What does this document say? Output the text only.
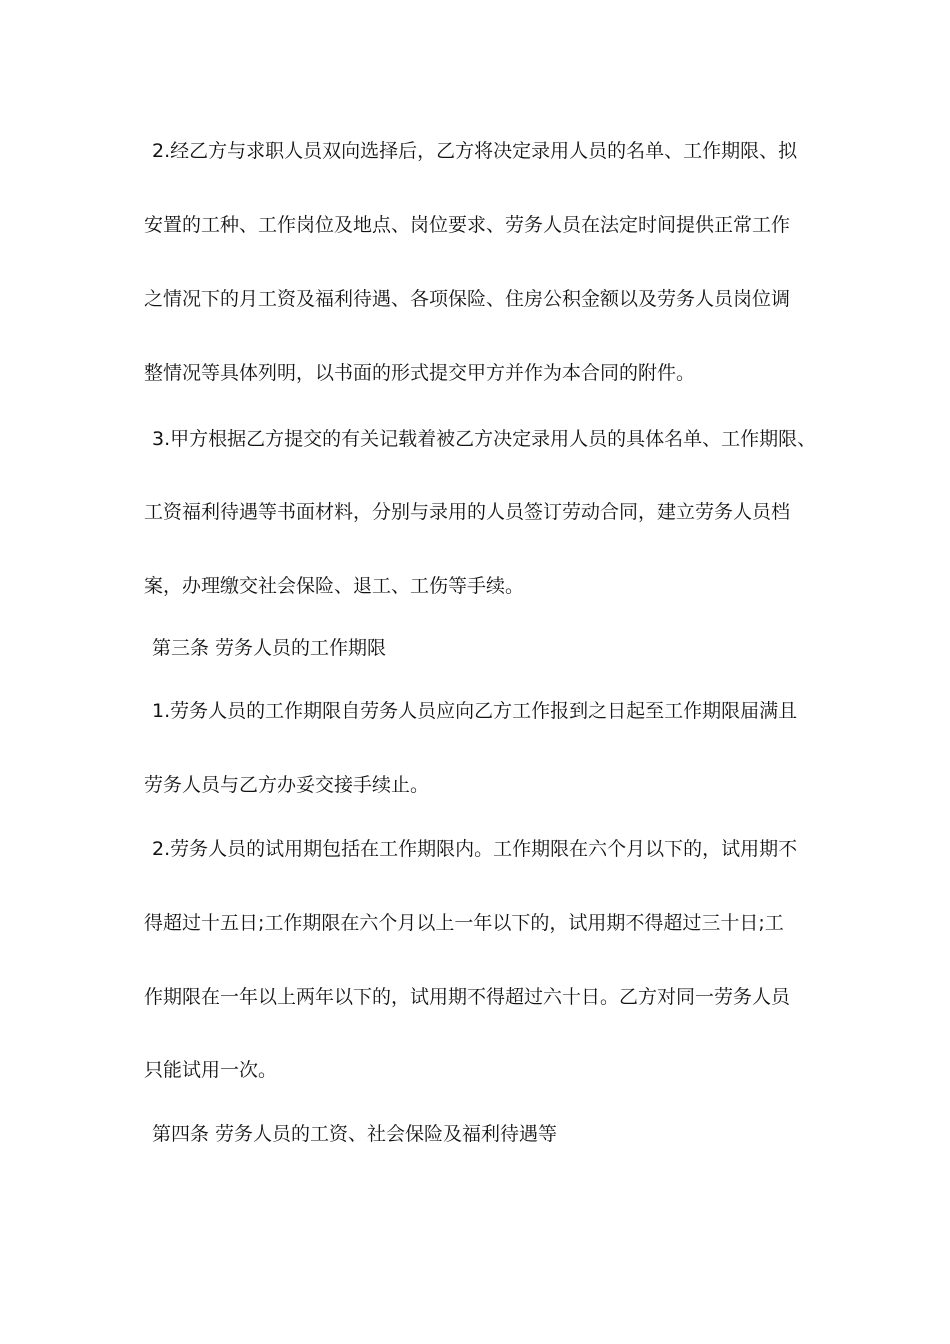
2.经乙方与求职人员双向选择后，乙方将决定录用人员的名单、工作期限、拟
安置的工种、工作岗位及地点、岗位要求、劳务人员在法定时间提供正常工作
之情况下的月工资及福利待遇、各项保险、住房公积金额以及劳务人员岗位调
整情况等具体列明，以书面的形式提交甲方并作为本合同的附件。
3.甲方根据乙方提交的有关记载着被乙方决定录用人员的具体名单、工作期限、
工资福利待遇等书面材料，分别与录用的人员签订劳动合同，建立劳务人员档
案，办理缴交社会保险、退工、工伤等手续。
第三条 劳务人员的工作期限
1.劳务人员的工作期限自劳务人员应向乙方工作报到之日起至工作期限届满且
劳务人员与乙方办妥交接手续止。
2.劳务人员的试用期包括在工作期限内。工作期限在六个月以下的，试用期不
得超过十五日;工作期限在六个月以上一年以下的，试用期不得超过三十日;工
作期限在一年以上两年以下的，试用期不得超过六十日。乙方对同一劳务人员
只能试用一次。
第四条 劳务人员的工资、社会保险及福利待遇等
